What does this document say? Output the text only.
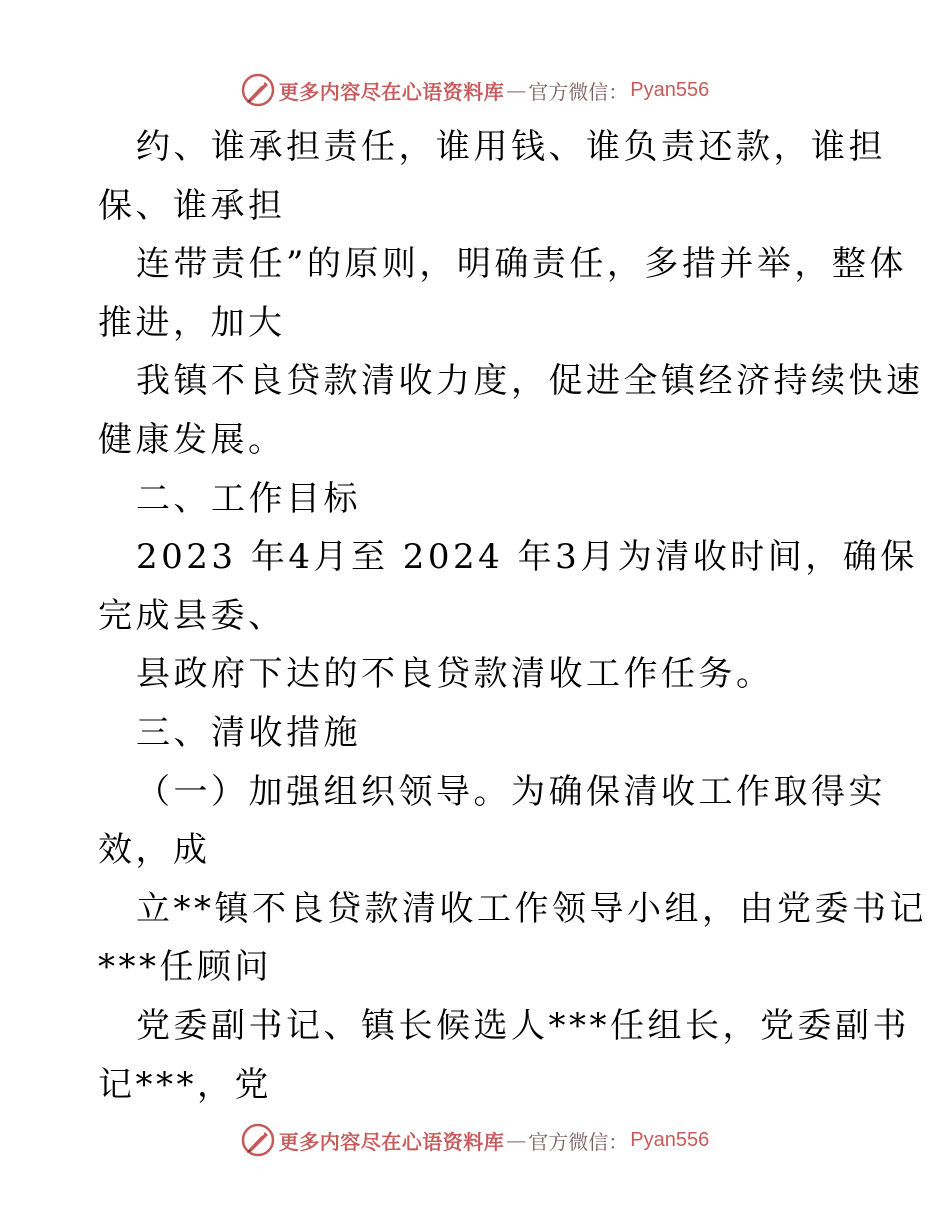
更多内容尽在心语资料库 — 官方微信： Pyan556
约、谁承担责任，谁用钱、谁负责还款，谁担
保、谁承担
连带责任”的原则，明确责任，多措并举，整体
推进，加大
我镇不良贷款清收力度，促进全镇经济持续快速
健康发展。
二、工作目标
2023 年4月至 2024 年3月为清收时间，确保
完成县委、
县政府下达的不良贷款清收工作任务。
三、清收措施
（一）加强组织领导。为确保清收工作取得实
效，成
立**镇不良贷款清收工作领导小组，由党委书记
***任顾问
党委副书记、镇长候选人***任组长，党委副书
记***，党
更多内容尽在心语资料库 — 官方微信： Pyan556
